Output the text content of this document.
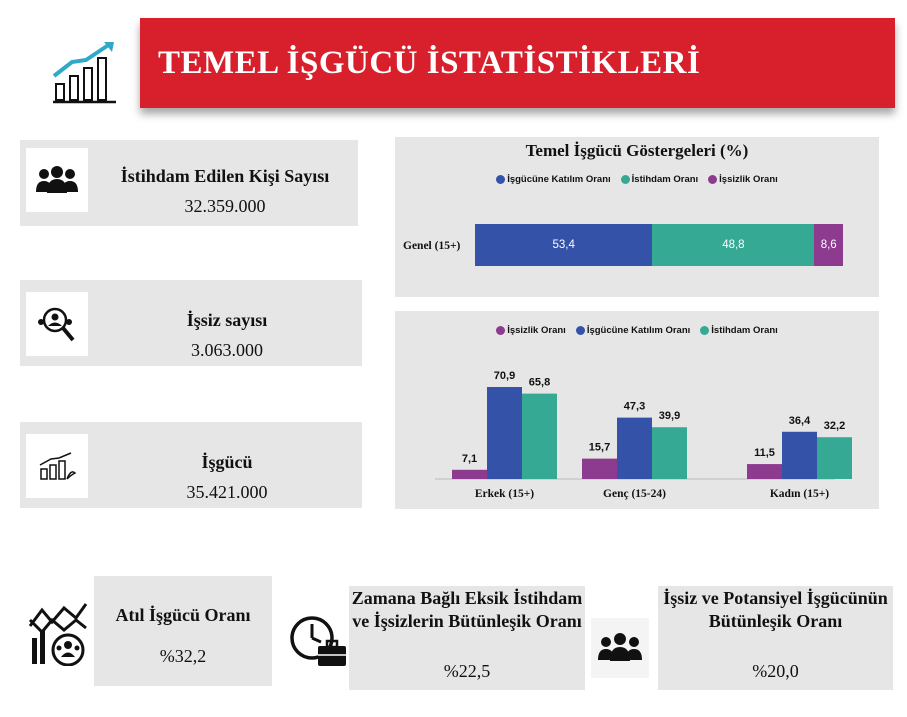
TEMEL İŞGÜCÜ İSTATİSTİKLERİ
İstihdam Edilen Kişi Sayısı
32.359.000
İşsiz sayısı
3.063.000
İşgücü
35.421.000
Temel İşgücü Göstergeleri (%)
İşgücüne Katılım Oranı İstihdam Oranı İşsizlik Oranı
Genel (15+)	53,4	48,8	8,6
İşsizlik Oranı İşgücüne Katılım Oranı İstihdam Oranı
7,1
70,9
65,8
Erkek (15+)
15,7
47,3
39,9
Genç (15-24)
11,5
36,4 32,2
Kadın (15+)
Atıl İşgücü Oranı
%32,2
Zamana Bağlı Eksik İstihdam ve İşsizlerin Bütünleşik Oranı
%22,5
İşsiz ve Potansiyel İşgücünün Bütünleşik Oranı
%20,0
